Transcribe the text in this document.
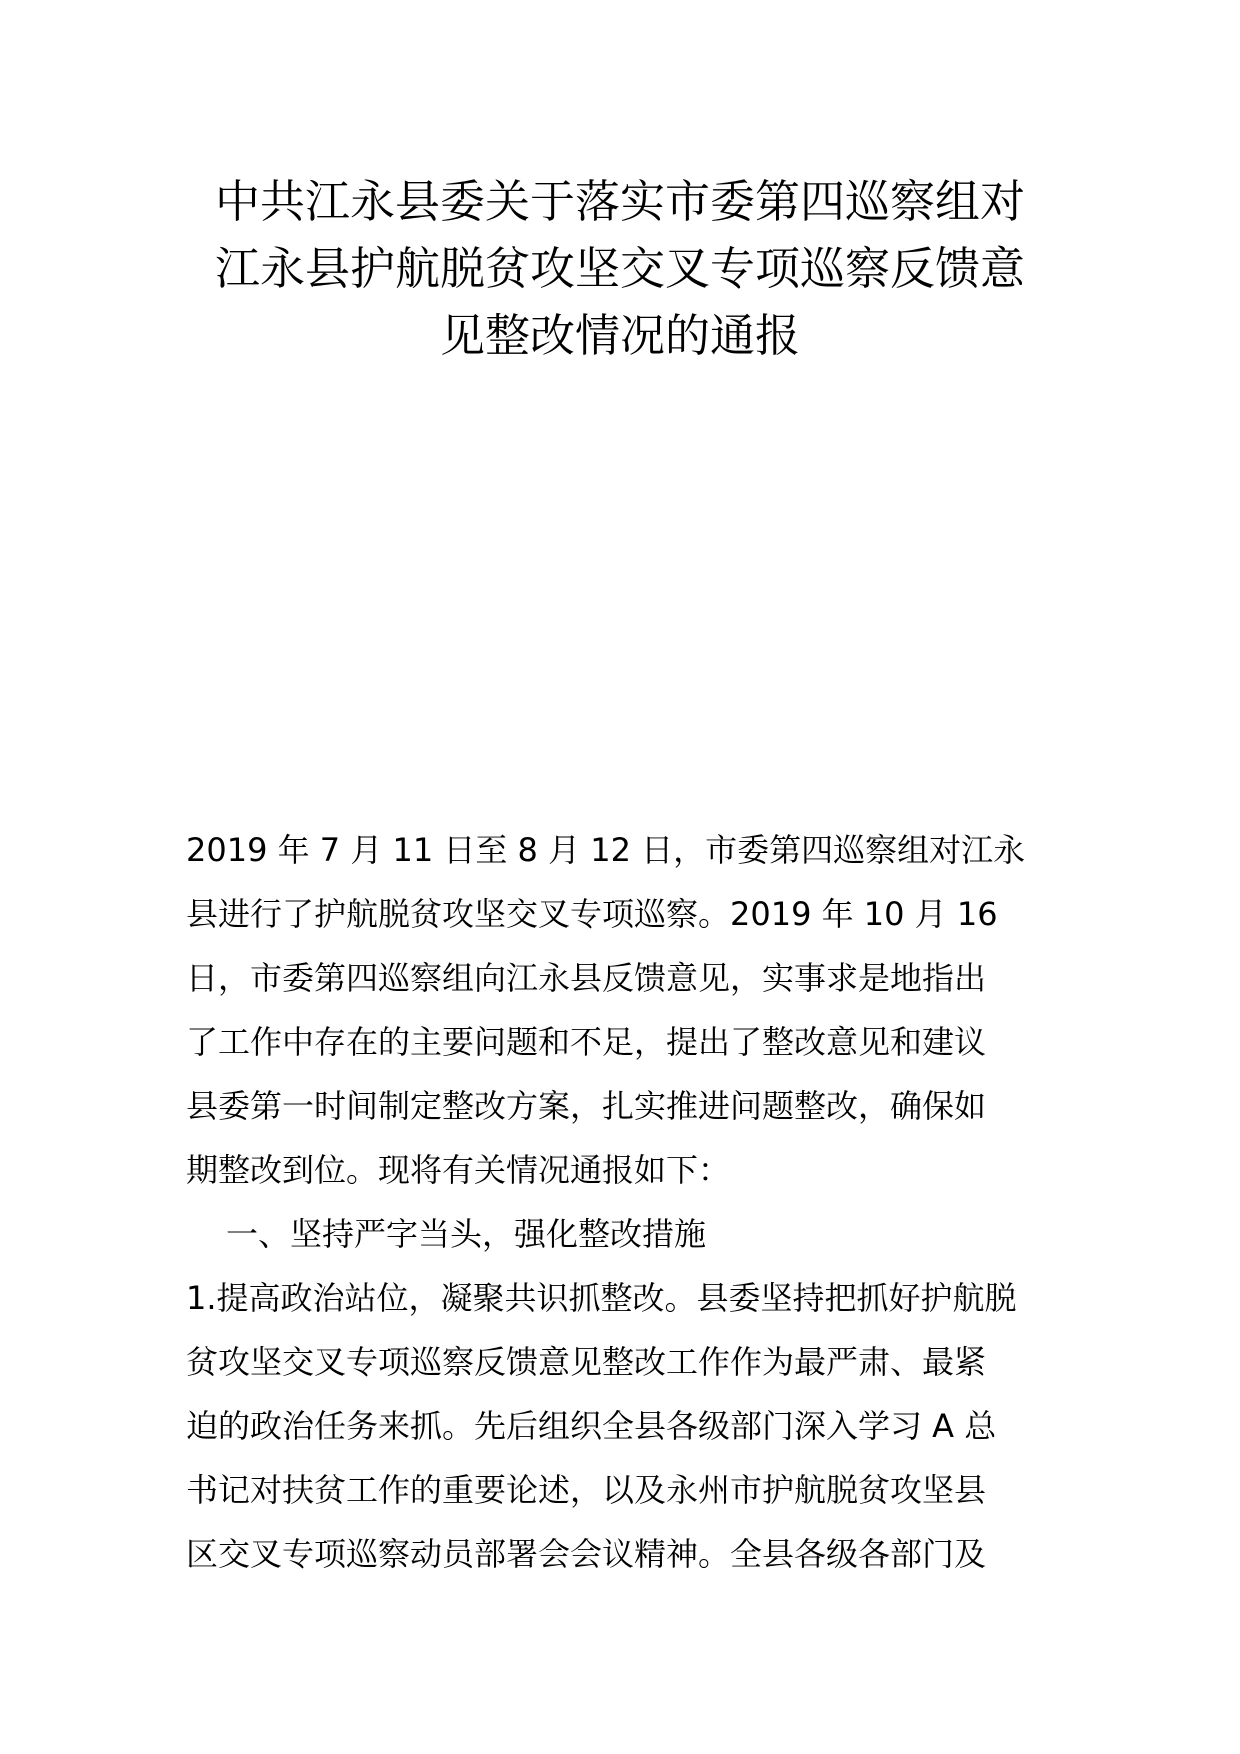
中共江永县委关于落实市委第四巡察组对
江永县护航脱贫攻坚交叉专项巡察反馈意
见整改情况的通报
2019 年 7 月 11 日至 8 月 12 日，市委第四巡察组对江永
县进行了护航脱贫攻坚交叉专项巡察。2019 年 10 月 16
日，市委第四巡察组向江永县反馈意见，实事求是地指出
了工作中存在的主要问题和不足，提出了整改意见和建议
县委第一时间制定整改方案，扎实推进问题整改，确保如
期整改到位。现将有关情况通报如下：
一、坚持严字当头，强化整改措施
1.提高政治站位，凝聚共识抓整改。县委坚持把抓好护航脱
贫攻坚交叉专项巡察反馈意见整改工作作为最严肃、最紧
迫的政治任务来抓。先后组织全县各级部门深入学习 A 总
书记对扶贫工作的重要论述，以及永州市护航脱贫攻坚县
区交叉专项巡察动员部署会会议精神。全县各级各部门及
